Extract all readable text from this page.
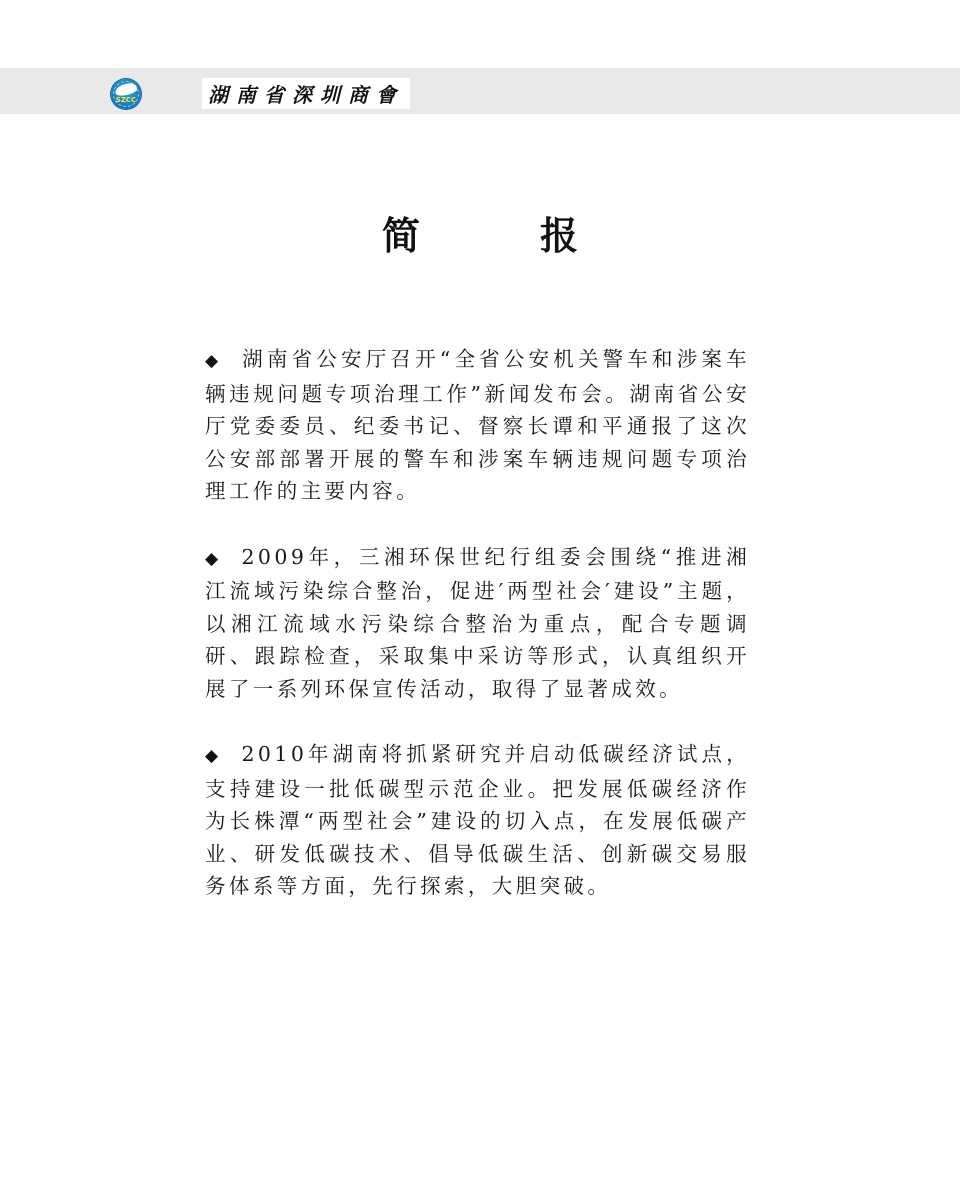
SZCC	湖南省深圳商會
简	报

◆ 湖南省公安厅召开“全省公安机关警车和涉案车辆违规问题专项治理工作”新闻发布会。湖南省公安厅党委委员、纪委书记、督察长谭和平通报了这次公安部部署开展的警车和涉案车辆违规问题专项治理工作的主要内容。

◆ 2009年，三湘环保世纪行组委会围绕“推进湘江流域污染综合整治，促进′两型社会′建设”主题，以湘江流域水污染综合整治为重点，配合专题调研、跟踪检查，采取集中采访等形式，认真组织开展了一系列环保宣传活动，取得了显著成效。

◆ 2010年湖南将抓紧研究并启动低碳经济试点，支持建设一批低碳型示范企业。把发展低碳经济作为长株潭“两型社会”建设的切入点，在发展低碳产业、研发低碳技术、倡导低碳生活、创新碳交易服务体系等方面，先行探索，大胆突破。
